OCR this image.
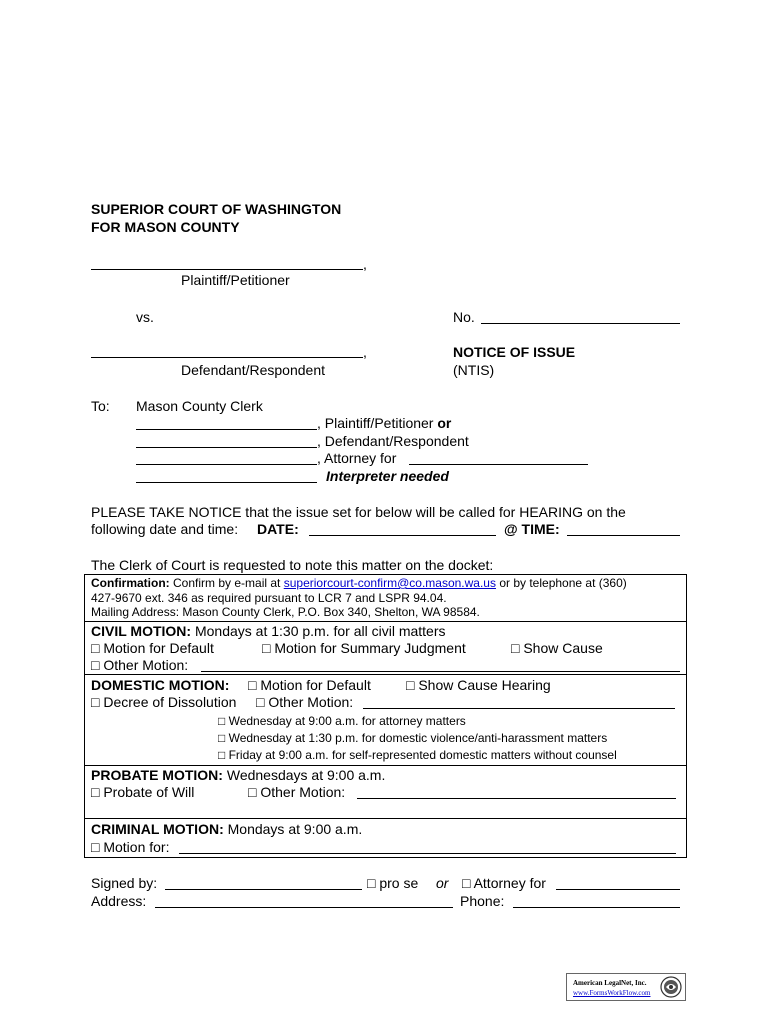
SUPERIOR COURT OF WASHINGTON
FOR MASON COUNTY
,
Plaintiff/Petitioner
vs.	No.
,	NOTICE OF ISSUE
Defendant/Respondent	(NTIS)
To: Mason County Clerk
, Plaintiff/Petitioner or
, Defendant/Respondent
, Attorney for
Interpreter needed
PLEASE TAKE NOTICE that the issue set for below will be called for HEARING on the
following date and time: DATE:	@ TIME:
The Clerk of Court is requested to note this matter on the docket:
Confirmation: Confirm by e-mail at superiorcourt-confirm@co.mason.wa.us or by telephone at (360)
427-9670 ext. 346 as required pursuant to LCR 7 and LSPR 94.04.
Mailing Address: Mason County Clerk, P.O. Box 340, Shelton, WA 98584.
CIVIL MOTION: Mondays at 1:30 p.m. for all civil matters
□ Motion for Default	□ Motion for Summary Judgment	□ Show Cause
□ Other Motion:
DOMESTIC MOTION: □ Motion for Default	□ Show Cause Hearing
□ Decree of Dissolution □ Other Motion:
□ Wednesday at 9:00 a.m. for attorney matters
□ Wednesday at 1:30 p.m. for domestic violence/anti-harassment matters
□ Friday at 9:00 a.m. for self-represented domestic matters without counsel
PROBATE MOTION: Wednesdays at 9:00 a.m.
□ Probate of Will	□ Other Motion:
CRIMINAL MOTION: Mondays at 9:00 a.m.
□ Motion for:
Signed by:	□ pro se or □ Attorney for
Address:	Phone:
American LegalNet, Inc.
www.FormsWorkFlow.com
